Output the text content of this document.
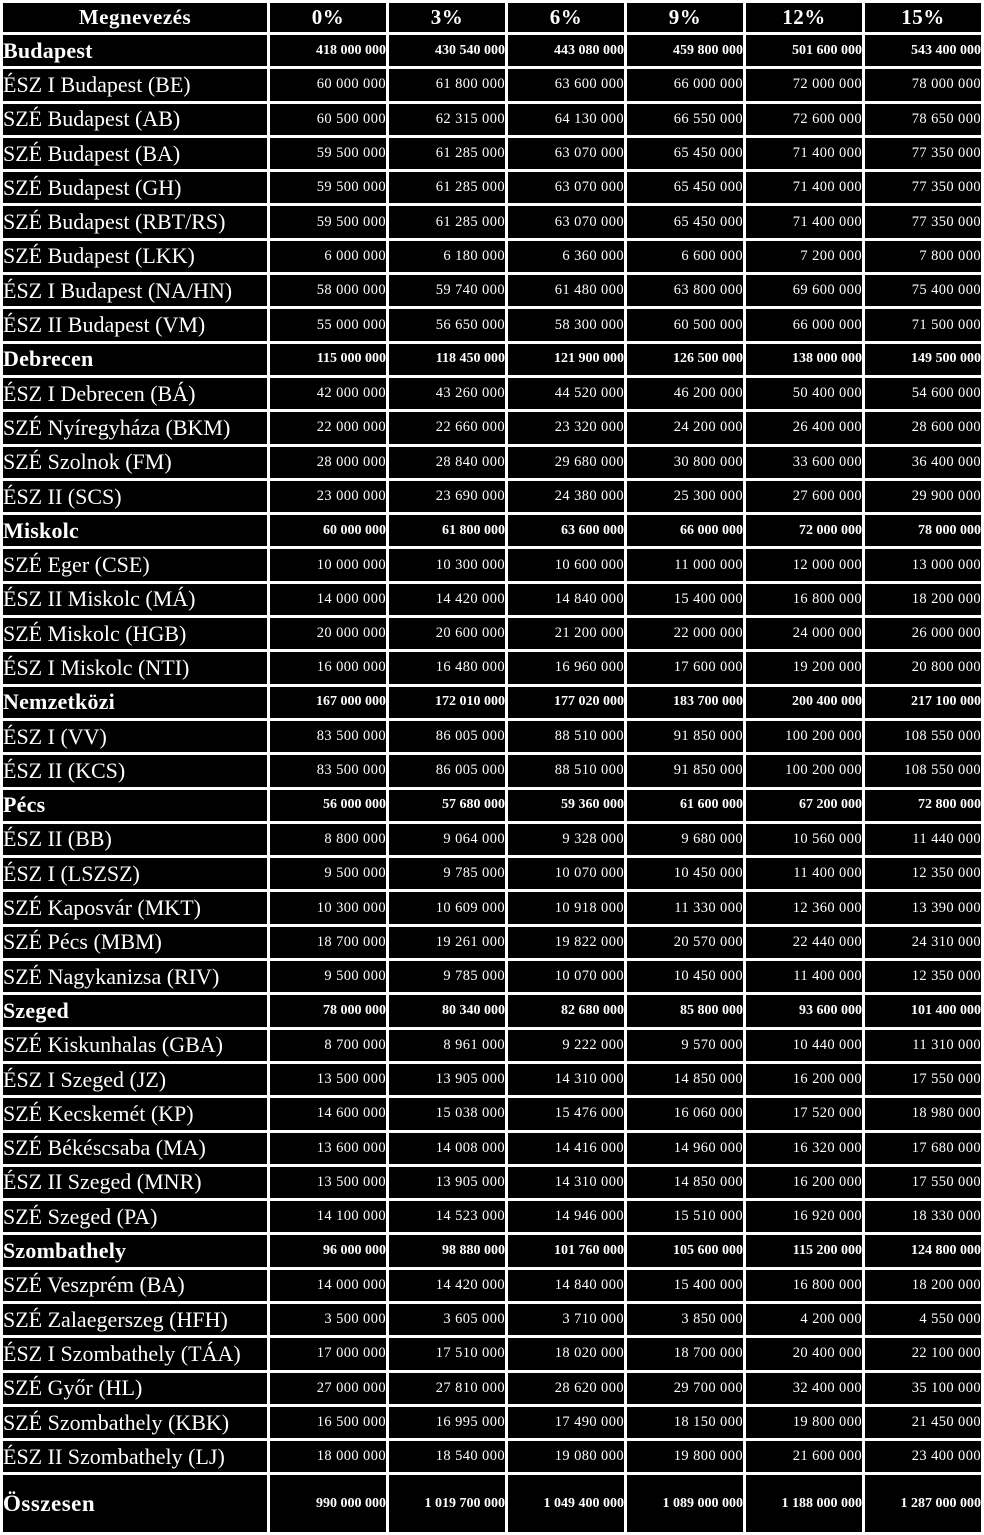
Megnevezés	0%	3%	6%	9%	12%	15%
Budapest	418 000 000	430 540 000	443 080 000	459 800 000	501 600 000	543 400 000
ÉSZ I Budapest (BE)	60 000 000	61 800 000	63 600 000	66 000 000	72 000 000	78 000 000
SZÉ Budapest (AB)	60 500 000	62 315 000	64 130 000	66 550 000	72 600 000	78 650 000
SZÉ Budapest (BA)	59 500 000	61 285 000	63 070 000	65 450 000	71 400 000	77 350 000
SZÉ Budapest (GH)	59 500 000	61 285 000	63 070 000	65 450 000	71 400 000	77 350 000
SZÉ Budapest (RBT/RS)	59 500 000	61 285 000	63 070 000	65 450 000	71 400 000	77 350 000
SZÉ Budapest (LKK)	6 000 000	6 180 000	6 360 000	6 600 000	7 200 000	7 800 000
ÉSZ I Budapest (NA/HN)	58 000 000	59 740 000	61 480 000	63 800 000	69 600 000	75 400 000
ÉSZ II Budapest (VM)	55 000 000	56 650 000	58 300 000	60 500 000	66 000 000	71 500 000
Debrecen	115 000 000	118 450 000	121 900 000	126 500 000	138 000 000	149 500 000
ÉSZ I Debrecen (BÁ)	42 000 000	43 260 000	44 520 000	46 200 000	50 400 000	54 600 000
SZÉ Nyíregyháza (BKM)	22 000 000	22 660 000	23 320 000	24 200 000	26 400 000	28 600 000
SZÉ Szolnok (FM)	28 000 000	28 840 000	29 680 000	30 800 000	33 600 000	36 400 000
ÉSZ II (SCS)	23 000 000	23 690 000	24 380 000	25 300 000	27 600 000	29 900 000
Miskolc	60 000 000	61 800 000	63 600 000	66 000 000	72 000 000	78 000 000
SZÉ Eger (CSE)	10 000 000	10 300 000	10 600 000	11 000 000	12 000 000	13 000 000
ÉSZ II Miskolc (MÁ)	14 000 000	14 420 000	14 840 000	15 400 000	16 800 000	18 200 000
SZÉ Miskolc (HGB)	20 000 000	20 600 000	21 200 000	22 000 000	24 000 000	26 000 000
ÉSZ I Miskolc (NTI)	16 000 000	16 480 000	16 960 000	17 600 000	19 200 000	20 800 000
Nemzetközi	167 000 000	172 010 000	177 020 000	183 700 000	200 400 000	217 100 000
ÉSZ I (VV)	83 500 000	86 005 000	88 510 000	91 850 000	100 200 000	108 550 000
ÉSZ II (KCS)	83 500 000	86 005 000	88 510 000	91 850 000	100 200 000	108 550 000
Pécs	56 000 000	57 680 000	59 360 000	61 600 000	67 200 000	72 800 000
ÉSZ II (BB)	8 800 000	9 064 000	9 328 000	9 680 000	10 560 000	11 440 000
ÉSZ I (LSZSZ)	9 500 000	9 785 000	10 070 000	10 450 000	11 400 000	12 350 000
SZÉ Kaposvár (MKT)	10 300 000	10 609 000	10 918 000	11 330 000	12 360 000	13 390 000
SZÉ Pécs (MBM)	18 700 000	19 261 000	19 822 000	20 570 000	22 440 000	24 310 000
SZÉ Nagykanizsa (RIV)	9 500 000	9 785 000	10 070 000	10 450 000	11 400 000	12 350 000
Szeged	78 000 000	80 340 000	82 680 000	85 800 000	93 600 000	101 400 000
SZÉ Kiskunhalas (GBA)	8 700 000	8 961 000	9 222 000	9 570 000	10 440 000	11 310 000
ÉSZ I Szeged (JZ)	13 500 000	13 905 000	14 310 000	14 850 000	16 200 000	17 550 000
SZÉ Kecskemét (KP)	14 600 000	15 038 000	15 476 000	16 060 000	17 520 000	18 980 000
SZÉ Békéscsaba (MA)	13 600 000	14 008 000	14 416 000	14 960 000	16 320 000	17 680 000
ÉSZ II Szeged (MNR)	13 500 000	13 905 000	14 310 000	14 850 000	16 200 000	17 550 000
SZÉ Szeged (PA)	14 100 000	14 523 000	14 946 000	15 510 000	16 920 000	18 330 000
Szombathely	96 000 000	98 880 000	101 760 000	105 600 000	115 200 000	124 800 000
SZÉ Veszprém (BA)	14 000 000	14 420 000	14 840 000	15 400 000	16 800 000	18 200 000
SZÉ Zalaegerszeg (HFH)	3 500 000	3 605 000	3 710 000	3 850 000	4 200 000	4 550 000
ÉSZ I Szombathely (TÁA)	17 000 000	17 510 000	18 020 000	18 700 000	20 400 000	22 100 000
SZÉ Győr (HL)	27 000 000	27 810 000	28 620 000	29 700 000	32 400 000	35 100 000
SZÉ Szombathely (KBK)	16 500 000	16 995 000	17 490 000	18 150 000	19 800 000	21 450 000
ÉSZ II Szombathely (LJ)	18 000 000	18 540 000	19 080 000	19 800 000	21 600 000	23 400 000
Összesen	990 000 000	1 019 700 000	1 049 400 000	1 089 000 000	1 188 000 000	1 287 000 000
